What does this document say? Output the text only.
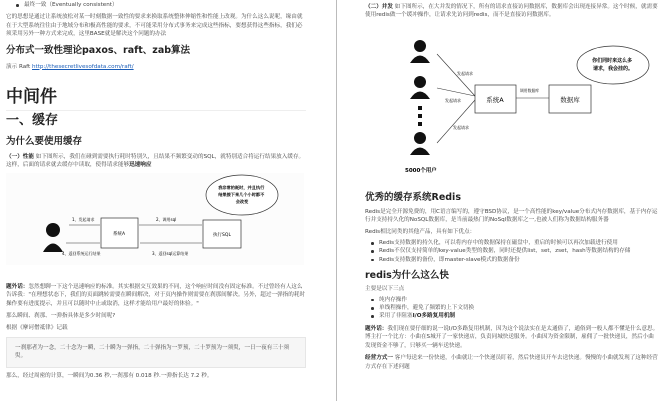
最终一致（Eventually consistent）
它的思想是通过让系统放松对某一时刻数据一致性的要求来换取系统整体伸缩性和性能上改观。为什么这么说呢，缘由就在于大型系统往往由于地域分布和极高性能的要求，不可能采用分布式事务来完成这些指标，要想获得这些指标，我们必须采用另外一种方式来完成，这里BASE就是解决这个问题的办法
分布式一致性理论paxos、raft、zab算法
演示 Raft http://thesecretlivesofdata.com/raft/
中间件
一、缓存
为什么要使用缓存
（一）性能 如下图所示，我们在碰到需要执行耗时特别久，且结果不频繁变动的SQL，就特别适合将运行结果放入缓存。这样，后面的请求就去缓存中读取，使得请求能够迅速响应
系统A	执行SQL
1、发起请求	2、调用sql
3、返回sql运算结果
4、返回系统运行结果
我非常的耗时，并且执行 结果接下来几个小时都不 会改变
题外话：忽然想聊一下这个迅速响应的标准。其实根据交互效果的不同，这个响应时间没有固定标准。不过曾经有人这么告诉我："在理想状态下，我们的页面跳转需要在瞬间解决，对于页内操作则需要在刹那间解决。另外，超过一弹指的耗时操作要有进度提示，并且可以随时中止或取消，这样才能给用户最好的体验。"
那么瞬间、刹那、一弹指具体是多少时间呢?
根据《摩诃僧祗律》记载
一刹那者为一念，二十念为一瞬，二十瞬为一弹指，二十弹指为一罗预，二十罗预为一须臾，一日一夜有三十须臾。
那么，经过周密的计算，一瞬间为0.36 秒,一刹那有 0.018 秒.一弹指长达 7.2 秒。
（二）并发 如下图所示，在大并发的情况下，所有的请求直接访问数据库，数据库会出现连接异常。这个时候，就需要使用redis做一个缓冲操作，让请求先访问到redis，而不是直接访问数据库。
发起请求
发起请求
发起请求
系统A
调用数据库
数据库
你们同时来这么多 请求，我会挂的。
5000个用户
优秀的缓存系统Redis
Redis是完全开源免费的，用C语言编写的，遵守BSD协议，是一个高性能的key/value分布式内存数据库，基于内存运行并支持持久化的NoSQL数据库，是当前最热门的NoSql数据库之一,也被人们称为数据结构服务器
Redis相比同类的其他产品，具有如下优点：
Redis支持数据的持久化，可以将内存中的数据保持在磁盘中，重启的时候可以再次加载进行使用
Redis不仅仅支持简单的key-value类型的数据，同时还提供list，set，zset，hash等数据结构的存储
Redis支持数据的备份，即master-slave模式的数据备份
redis为什么这么快
主要是以下三点
纯内存操作
单线程操作，避免了频繁的上下文切换
采用了非阻塞I/O多路复用机制
题外话：我们现在要仔细的说一说I/O多路复用机制，因为这个说法实在是太通俗了，通俗到一般人都不懂是什么意思。博主打一个比方：小曲在S城开了一家快递店，负责同城快送服务。小曲因为资金限制，雇佣了一批快递员，然后小曲发现资金不够了，只够买一辆车送快递。
经营方式一 客户每送来一份快递，小曲就让一个快递员盯着，然后快递员开车去送快递。慢慢的小曲就发现了这种经营方式存在下述问题
